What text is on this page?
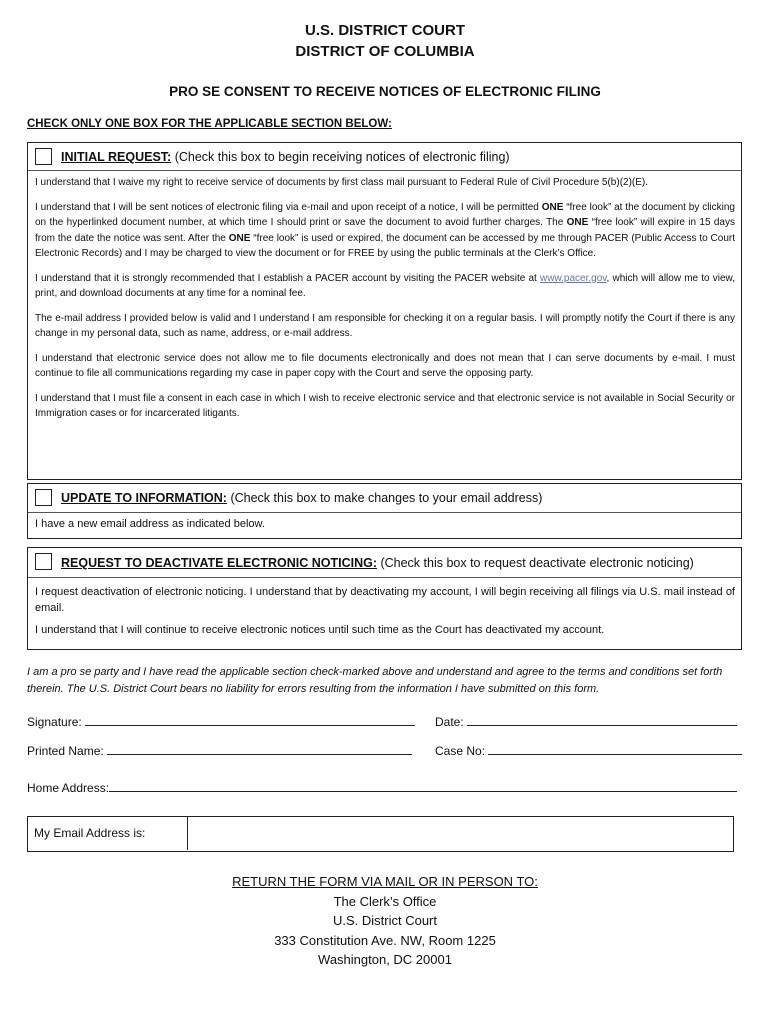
U.S. DISTRICT COURT
DISTRICT OF COLUMBIA
PRO SE CONSENT TO RECEIVE NOTICES OF ELECTRONIC FILING
CHECK ONLY ONE BOX FOR THE APPLICABLE SECTION BELOW:
INITIAL REQUEST: (Check this box to begin receiving notices of electronic filing)

I understand that I waive my right to receive service of documents by first class mail pursuant to Federal Rule of Civil Procedure 5(b)(2)(E).

I understand that I will be sent notices of electronic filing via e-mail and upon receipt of a notice, I will be permitted ONE “free look” at the document by clicking on the hyperlinked document number, at which time I should print or save the document to avoid further charges. The ONE “free look” will expire in 15 days from the date the notice was sent. After the ONE “free look” is used or expired, the document can be accessed by me through PACER (Public Access to Court Electronic Records) and I may be charged to view the document or for FREE by using the public terminals at the Clerk’s Office.

I understand that it is strongly recommended that I establish a PACER account by visiting the PACER website at www.pacer.gov, which will allow me to view, print, and download documents at any time for a nominal fee.

The e-mail address I provided below is valid and I understand I am responsible for checking it on a regular basis. I will promptly notify the Court if there is any change in my personal data, such as name, address, or e-mail address.

I understand that electronic service does not allow me to file documents electronically and does not mean that I can serve documents by e-mail. I must continue to file all communications regarding my case in paper copy with the Court and serve the opposing party.

I understand that I must file a consent in each case in which I wish to receive electronic service and that electronic service is not available in Social Security or Immigration cases or for incarcerated litigants.

UPDATE TO INFORMATION: (Check this box to make changes to your email address)

I have a new email address as indicated below.

REQUEST TO DEACTIVATE ELECTRONIC NOTICING: (Check this box to request deactivate electronic noticing)

I request deactivation of electronic noticing. I understand that by deactivating my account, I will begin receiving all filings via U.S. mail instead of email.

I understand that I will continue to receive electronic notices until such time as the Court has deactivated my account.

I am a pro se party and I have read the applicable section check-marked above and understand and agree to the terms and conditions set forth therein. The U.S. District Court bears no liability for errors resulting from the information I have submitted on this form.
Signature:	Date:
Printed Name:	Case No:
Home Address:
My Email Address is:
RETURN THE FORM VIA MAIL OR IN PERSON TO:
The Clerk’s Office
U.S. District Court
333 Constitution Ave. NW, Room 1225
Washington, DC 20001
